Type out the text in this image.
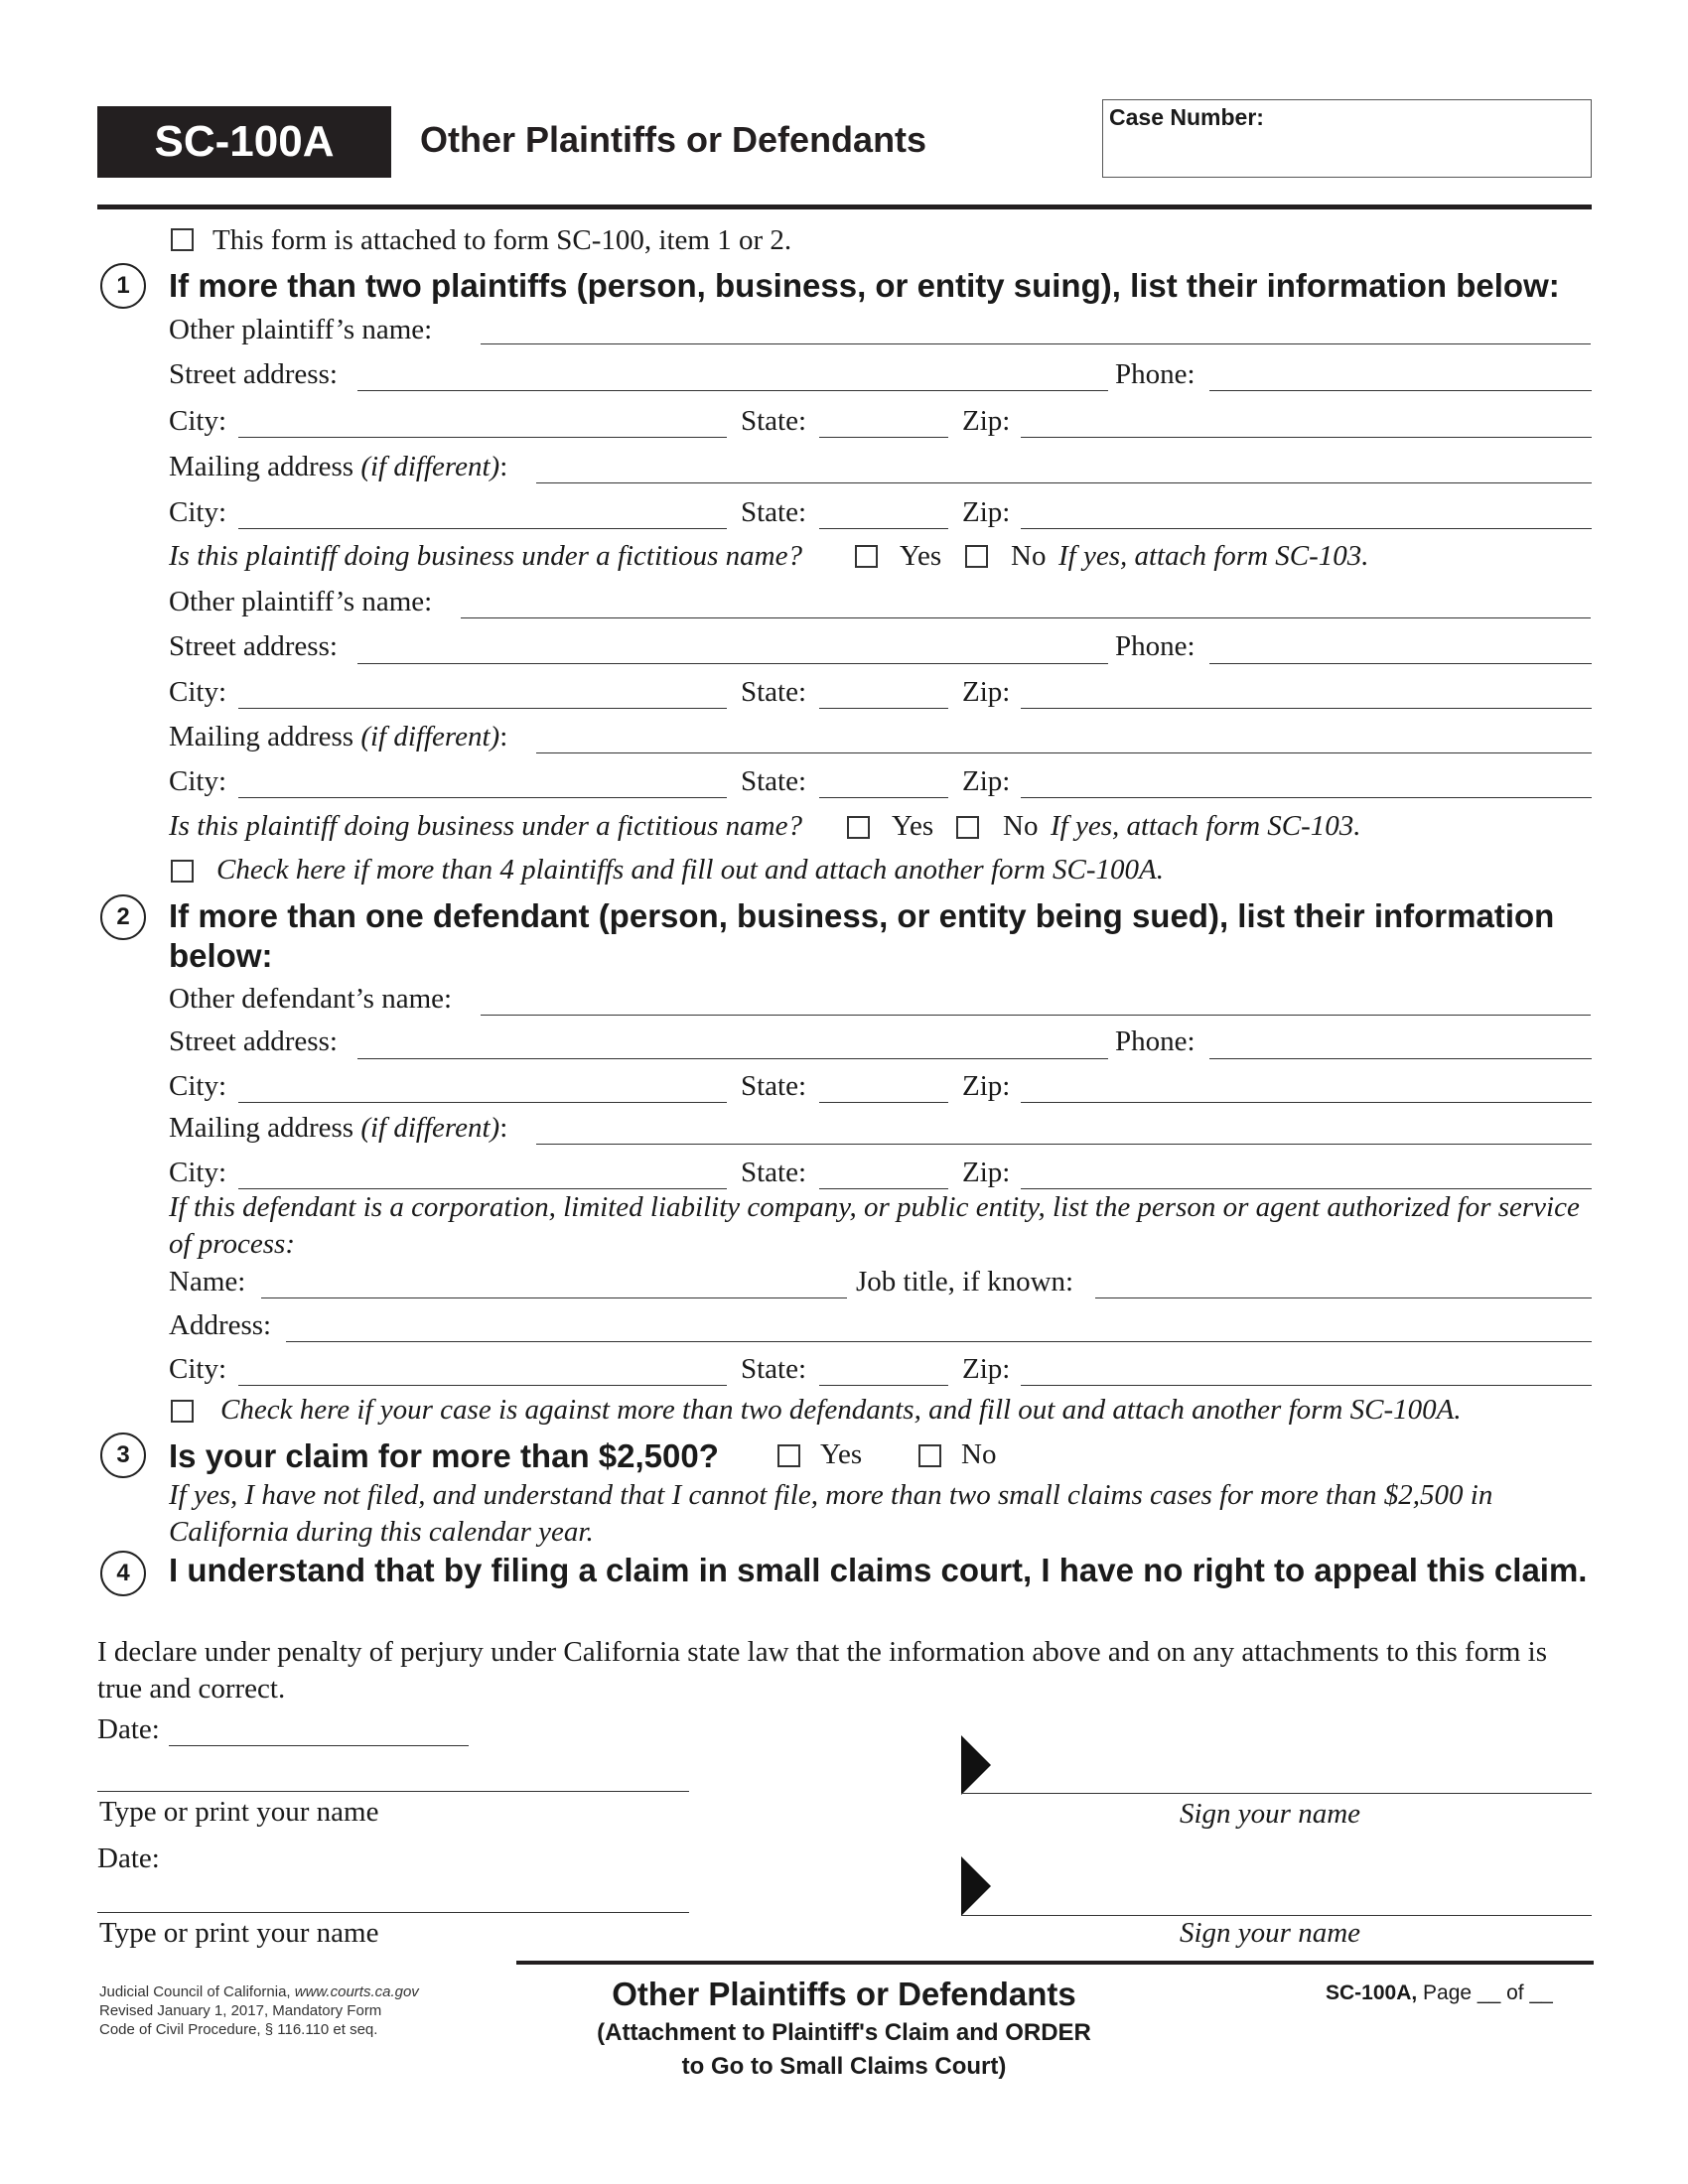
SC-100A	Other Plaintiffs or Defendants
Case Number:
This form is attached to form SC-100, item 1 or 2.
1	If more than two plaintiffs (person, business, or entity suing), list their information below:
Other plaintiff’s name:
Street address:	Phone:
City:	State:	Zip:
Mailing address (if different):
City:	State:	Zip:
Is this plaintiff doing business under a fictitious name?	Yes No If yes, attach form SC-103.
Other plaintiff’s name:
Street address:	Phone:
City:	State:	Zip:
Mailing address (if different):
City:	State:	Zip:
Is this plaintiff doing business under a fictitious name?	Yes No If yes, attach form SC-103.
Check here if more than 4 plaintiffs and fill out and attach another form SC-100A.
2	If more than one defendant (person, business, or entity being sued), list their information below:
Other defendant’s name:
Street address:	Phone:
City:	State:	Zip:
Mailing address (if different):
City:	State:	Zip:
If this defendant is a corporation, limited liability company, or public entity, list the person or agent authorized for service of process:
Name:	Job title, if known:
Address:
City:	State:	Zip:
Check here if your case is against more than two defendants, and fill out and attach another form SC-100A.
3	Is your claim for more than $2,500?	Yes	No
If yes, I have not filed, and understand that I cannot file, more than two small claims cases for more than $2,500 in California during this calendar year.
4	I understand that by filing a claim in small claims court, I have no right to appeal this claim.
I declare under penalty of perjury under California state law that the information above and on any attachments to this form is true and correct.
Date:
Type or print your name	Sign your name
Date:
Type or print your name	Sign your name
Judicial Council of California, www.courts.ca.gov
Revised January 1, 2017, Mandatory Form
Code of Civil Procedure, § 116.110 et seq.
Other Plaintiffs or Defendants
(Attachment to Plaintiff's Claim and ORDER
to Go to Small Claims Court)
SC-100A, Page __ of __
